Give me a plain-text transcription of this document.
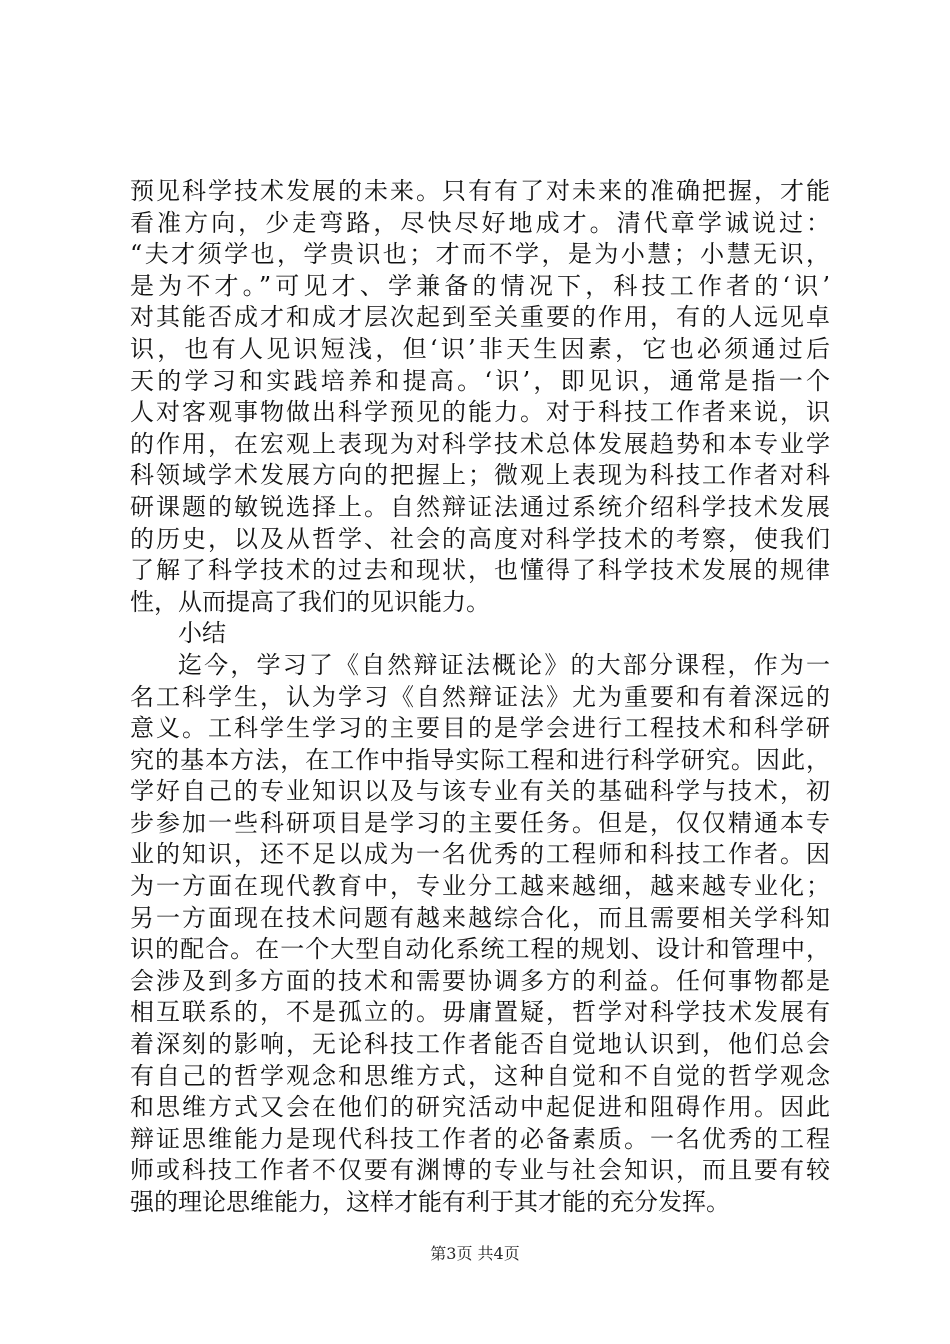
预见科学技术发展的未来。只有有了对未来的准确把握，才能
看准方向，少走弯路，尽快尽好地成才。清代章学诚说过：
“夫才须学也，学贵识也；才而不学，是为小慧；小慧无识，
是为不才。”可见才、学兼备的情况下，科技工作者的‘识’
对其能否成才和成才层次起到至关重要的作用，有的人远见卓
识，也有人见识短浅，但‘识’非天生因素，它也必须通过后
天的学习和实践培养和提高。‘识’，即见识，通常是指一个
人对客观事物做出科学预见的能力。对于科技工作者来说，识
的作用，在宏观上表现为对科学技术总体发展趋势和本专业学
科领域学术发展方向的把握上；微观上表现为科技工作者对科
研课题的敏锐选择上。自然辩证法通过系统介绍科学技术发展
的历史，以及从哲学、社会的高度对科学技术的考察，使我们
了解了科学技术的过去和现状，也懂得了科学技术发展的规律
性，从而提高了我们的见识能力。
小结
迄今，学习了《自然辩证法概论》的大部分课程，作为一
名工科学生，认为学习《自然辩证法》尤为重要和有着深远的
意义。工科学生学习的主要目的是学会进行工程技术和科学研
究的基本方法，在工作中指导实际工程和进行科学研究。因此，
学好自己的专业知识以及与该专业有关的基础科学与技术，初
步参加一些科研项目是学习的主要任务。但是，仅仅精通本专
业的知识，还不足以成为一名优秀的工程师和科技工作者。因
为一方面在现代教育中，专业分工越来越细，越来越专业化；
另一方面现在技术问题有越来越综合化，而且需要相关学科知
识的配合。在一个大型自动化系统工程的规划、设计和管理中，
会涉及到多方面的技术和需要协调多方的利益。任何事物都是
相互联系的，不是孤立的。毋庸置疑，哲学对科学技术发展有
着深刻的影响，无论科技工作者能否自觉地认识到，他们总会
有自己的哲学观念和思维方式，这种自觉和不自觉的哲学观念
和思维方式又会在他们的研究活动中起促进和阻碍作用。因此
辩证思维能力是现代科技工作者的必备素质。一名优秀的工程
师或科技工作者不仅要有渊博的专业与社会知识，而且要有较
强的理论思维能力，这样才能有利于其才能的充分发挥。
第3页 共4页
